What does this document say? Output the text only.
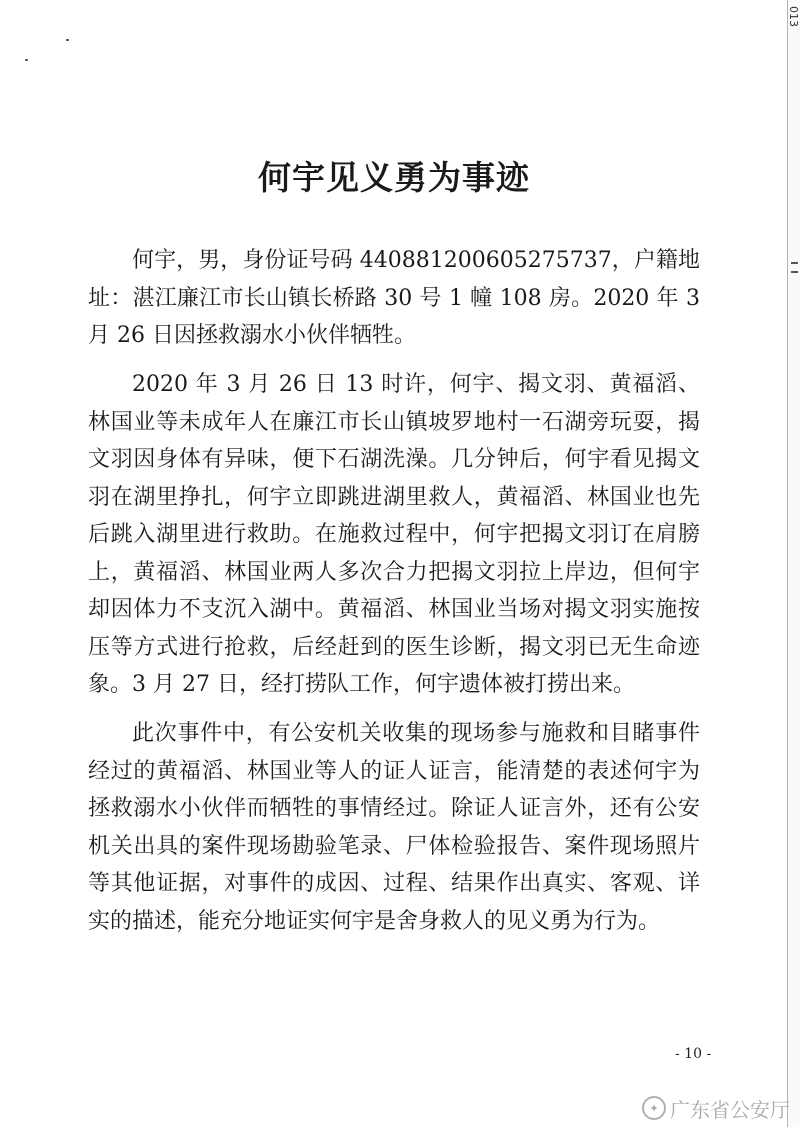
013
何宇见义勇为事迹

何宇，男，身份证号码 440881200605275737，户籍地址：湛江廉江市长山镇长桥路 30 号 1 幢 108 房。2020 年 3 月 26 日因拯救溺水小伙伴牺牲。

2020 年 3 月 26 日 13 时许，何宇、揭文羽、黄福滔、林国业等未成年人在廉江市长山镇坡罗地村一石湖旁玩耍，揭文羽因身体有异味，便下石湖洗澡。几分钟后，何宇看见揭文羽在湖里挣扎，何宇立即跳进湖里救人，黄福滔、林国业也先后跳入湖里进行救助。在施救过程中，何宇把揭文羽订在肩膀上，黄福滔、林国业两人多次合力把揭文羽拉上岸边，但何宇却因体力不支沉入湖中。黄福滔、林国业当场对揭文羽实施按压等方式进行抢救，后经赶到的医生诊断，揭文羽已无生命迹象。3 月 27 日，经打捞队工作，何宇遗体被打捞出来。

此次事件中，有公安机关收集的现场参与施救和目睹事件经过的黄福滔、林国业等人的证人证言，能清楚的表述何宇为拯救溺水小伙伴而牺牲的事情经过。除证人证言外，还有公安机关出具的案件现场勘验笔录、尸体检验报告、案件现场照片等其他证据，对事件的成因、过程、结果作出真实、客观、详实的描述，能充分地证实何宇是舍身救人的见义勇为行为。

- 10 -
✦ 广东省公安厅
